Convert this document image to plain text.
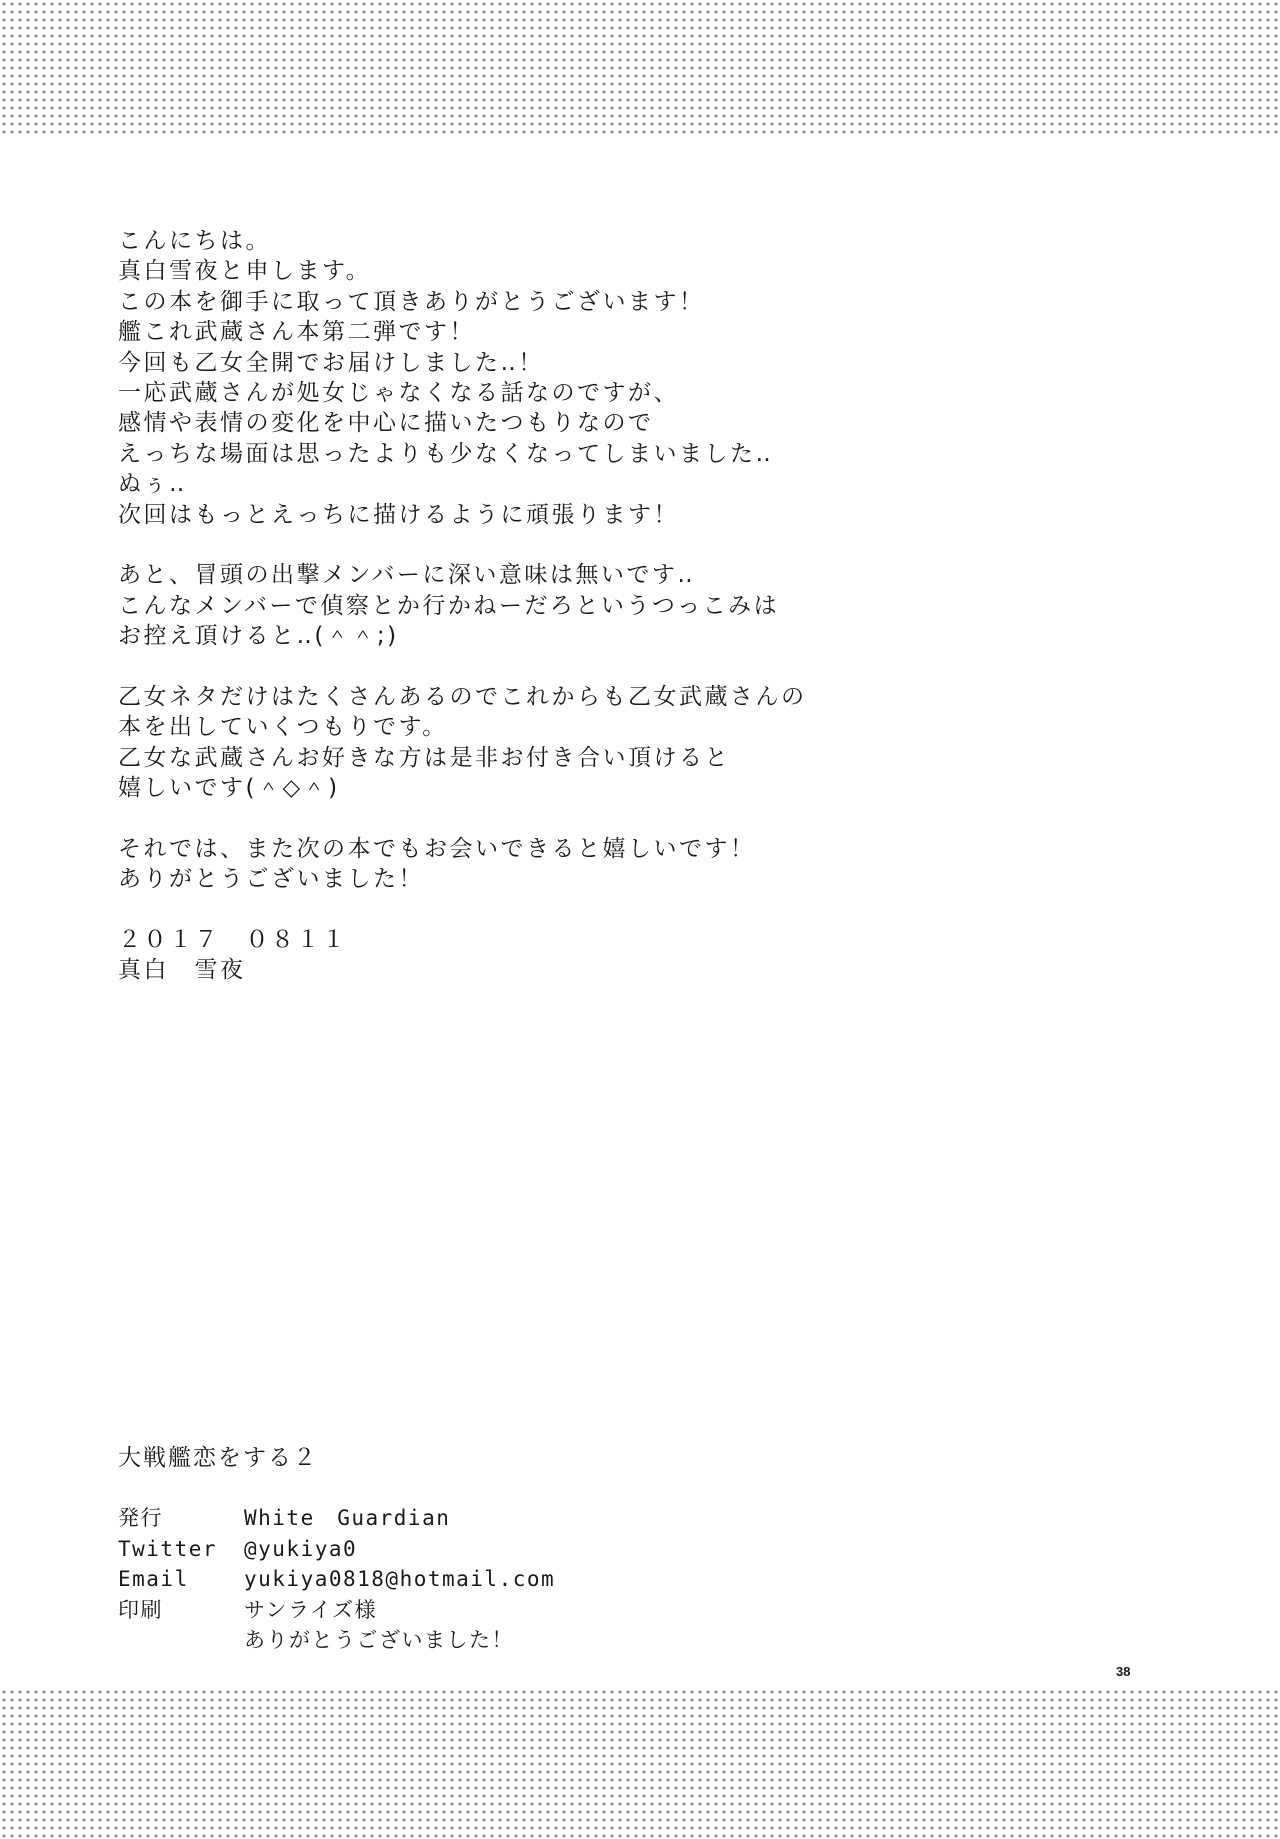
こんにちは。
真白雪夜と申します。
この本を御手に取って頂きありがとうございます！
艦これ武蔵さん本第二弾です！
今回も乙女全開でお届けしました‥！
一応武蔵さんが処女じゃなくなる話なのですが、
感情や表情の変化を中心に描いたつもりなので
えっちな場面は思ったよりも少なくなってしまいました‥
ぬぅ‥
次回はもっとえっちに描けるように頑張ります！
あと、冒頭の出撃メンバーに深い意味は無いです‥
こんなメンバーで偵察とか行かねーだろというつっこみは
お控え頂けると‥(＾＾;)
乙女ネタだけはたくさんあるのでこれからも乙女武蔵さんの
本を出していくつもりです。
乙女な武蔵さんお好きな方は是非お付き合い頂けると
嬉しいです(＾◇＾)
それでは、また次の本でもお会いできると嬉しいです！
ありがとうございました！
２０１７　０８１１
真白　雪夜
大戦艦恋をする２
発行	White　Guardian
Twitter	@yukiya0
Email	yukiya0818@hotmail.com
印刷	サンライズ様
ありがとうございました！
38
